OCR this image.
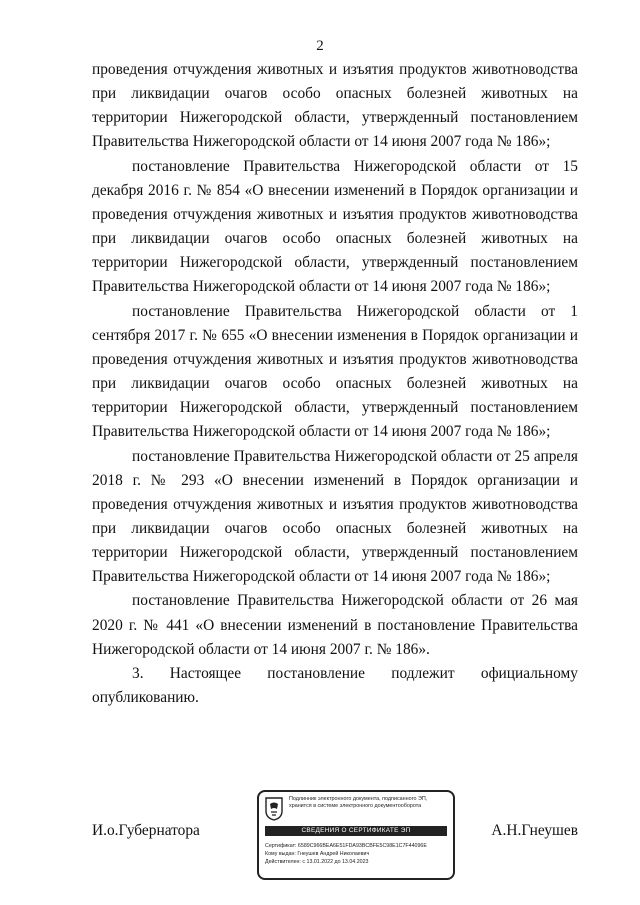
2

проведения отчуждения животных и изъятия продуктов животноводства при ликвидации очагов особо опасных болезней животных на территории Нижегородской области, утвержденный постановлением Правительства Нижегородской области от 14 июня 2007 года № 186»;

постановление Правительства Нижегородской области от 15 декабря 2016 г. № 854 «О внесении изменений в Порядок организации и проведения отчуждения животных и изъятия продуктов животноводства при ликвидации очагов особо опасных болезней животных на территории Нижегородской области, утвержденный постановлением Правительства Нижегородской области от 14 июня 2007 года № 186»;

постановление Правительства Нижегородской области от 1 сентября 2017 г. № 655 «О внесении изменения в Порядок организации и проведения отчуждения животных и изъятия продуктов животноводства при ликвидации очагов особо опасных болезней животных на территории Нижегородской области, утвержденный постановлением Правительства Нижегородской области от 14 июня 2007 года № 186»;

постановление Правительства Нижегородской области от 25 апреля 2018 г. № 293 «О внесении изменений в Порядок организации и проведения отчуждения животных и изъятия продуктов животноводства при ликвидации очагов особо опасных болезней животных на территории Нижегородской области, утвержденный постановлением Правительства Нижегородской области от 14 июня 2007 года № 186»;

постановление Правительства Нижегородской области от 26 мая 2020 г. № 441 «О внесении изменений в постановление Правительства Нижегородской области от 14 июня 2007 г. № 186».

3. Настоящее постановление подлежит официальному опубликованию.

И.о.Губернатора	А.Н.Гнеушев
Подлинник электронного документа, подписанного ЭП, хранится в системе электронного документооборота
СВЕДЕНИЯ О СЕРТИФИКАТЕ ЭП
Сертификат: 6589C966BEA6E51FDA93BCBFE5C98E1C7F44096E
Кому выдан: Гнеушев Андрей Николаевич
Действителен: с 13.01.2022 до 13.04.2023
